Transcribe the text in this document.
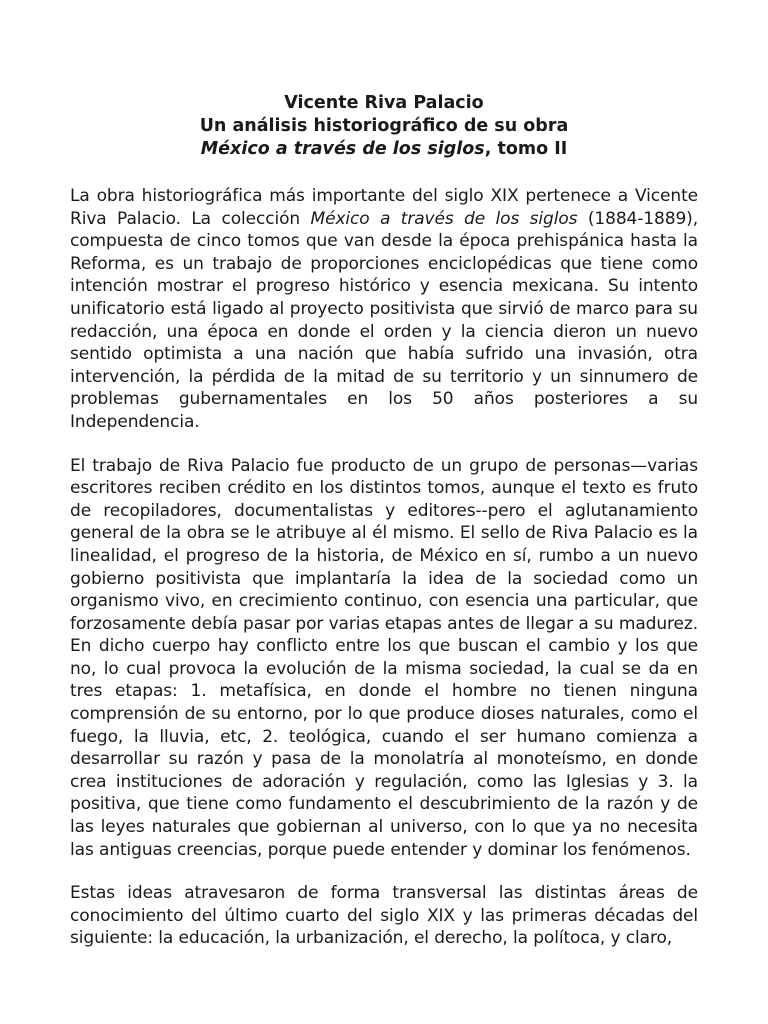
Vicente Riva Palacio
Un análisis historiográfico de su obra
México a través de los siglos, tomo II

La obra historiográfica más importante del siglo XIX pertenece a Vicente Riva Palacio. La colección México a través de los siglos (1884-1889), compuesta de cinco tomos que van desde la época prehispánica hasta la Reforma, es un trabajo de proporciones enciclopédicas que tiene como intención mostrar el progreso histórico y esencia mexicana. Su intento unificatorio está ligado al proyecto positivista que sirvió de marco para su redacción, una época en donde el orden y la ciencia dieron un nuevo sentido optimista a una nación que había sufrido una invasión, otra intervención, la pérdida de la mitad de su territorio y un sinnumero de problemas gubernamentales en los 50 años posteriores a su Independencia.

El trabajo de Riva Palacio fue producto de un grupo de personas—varias escritores reciben crédito en los distintos tomos, aunque el texto es fruto de recopiladores, documentalistas y editores--pero el aglutanamiento general de la obra se le atribuye al él mismo. El sello de Riva Palacio es la linealidad, el progreso de la historia, de México en sí, rumbo a un nuevo gobierno positivista que implantaría la idea de la sociedad como un organismo vivo, en crecimiento continuo, con esencia una particular, que forzosamente debía pasar por varias etapas antes de llegar a su madurez. En dicho cuerpo hay conflicto entre los que buscan el cambio y los que no, lo cual provoca la evolución de la misma sociedad, la cual se da en tres etapas: 1. metafísica, en donde el hombre no tienen ninguna comprensión de su entorno, por lo que produce dioses naturales, como el fuego, la lluvia, etc, 2. teológica, cuando el ser humano comienza a desarrollar su razón y pasa de la monolatría al monoteísmo, en donde crea instituciones de adoración y regulación, como las Iglesias y 3. la positiva, que tiene como fundamento el descubrimiento de la razón y de las leyes naturales que gobiernan al universo, con lo que ya no necesita las antiguas creencias, porque puede entender y dominar los fenómenos.

Estas ideas atravesaron de forma transversal las distintas áreas de conocimiento del último cuarto del siglo XIX y las primeras décadas del siguiente: la educación, la urbanización, el derecho, la polítoca, y claro,
